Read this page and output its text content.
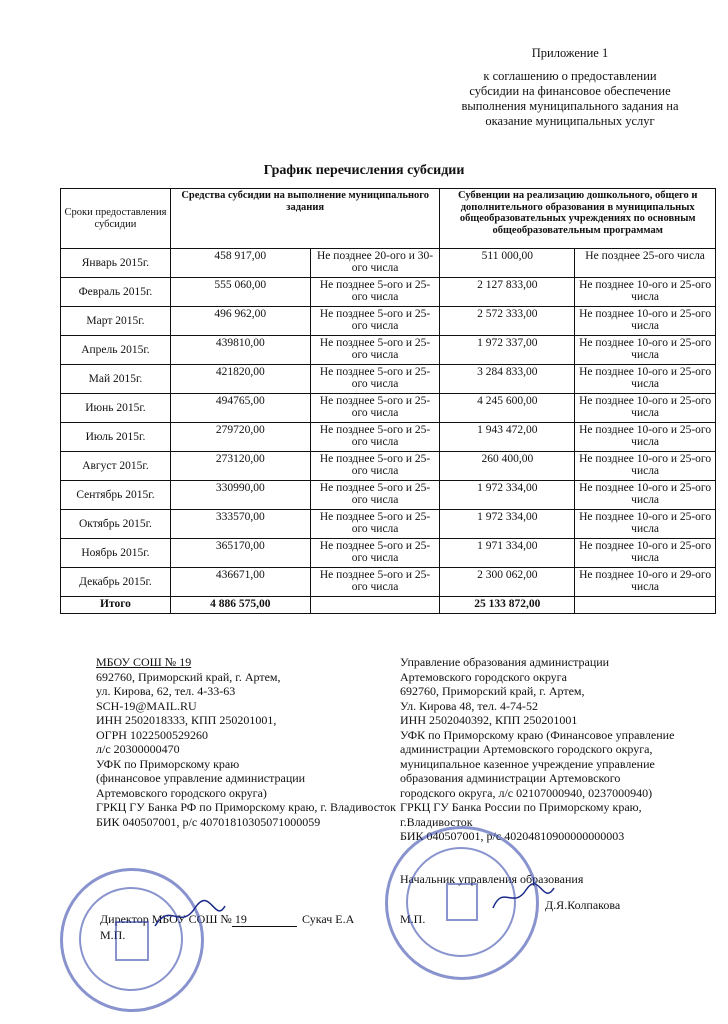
Приложение 1
к соглашению о предоставлении
субсидии на финансовое обеспечение
выполнения муниципального задания на
оказание муниципальных услуг
График перечисления субсидии
Сроки предоставления субсидии	Средства субсидии на выполнение муниципального задания		Субвенции на реализацию дошкольного, общего и дополнительного образования в муниципальных общеобразовательных учреждениях по основным общеобразовательным программам	
Январь 2015г.	458 917,00	Не позднее 20-ого и 30-ого числа	511 000,00	Не позднее 25-ого числа
Февраль 2015г.	555 060,00	Не позднее 5-ого и 25-ого числа	2 127 833,00	Не позднее 10-ого и 25-ого числа
Март 2015г.	496 962,00	Не позднее 5-ого и 25-ого числа	2 572 333,00	Не позднее 10-ого и 25-ого числа
Апрель 2015г.	439810,00	Не позднее 5-ого и 25-ого числа	1 972 337,00	Не позднее 10-ого и 25-ого числа
Май 2015г.	421820,00	Не позднее 5-ого и 25-ого числа	3 284 833,00	Не позднее 10-ого и 25-ого числа
Июнь 2015г.	494765,00	Не позднее 5-ого и 25-ого числа	4 245 600,00	Не позднее 10-ого и 25-ого числа
Июль 2015г.	279720,00	Не позднее 5-ого и 25-ого числа	1 943 472,00	Не позднее 10-ого и 25-ого числа
Август 2015г.	273120,00	Не позднее 5-ого и 25-ого числа	260 400,00	Не позднее 10-ого и 25-ого числа
Сентябрь 2015г.	330990,00	Не позднее 5-ого и 25-ого числа	1 972 334,00	Не позднее 10-ого и 25-ого числа
Октябрь 2015г.	333570,00	Не позднее 5-ого и 25-ого числа	1 972 334,00	Не позднее 10-ого и 25-ого числа
Ноябрь 2015г.	365170,00	Не позднее 5-ого и 25-ого числа	1 971 334,00	Не позднее 10-ого и 25-ого числа
Декабрь 2015г.	436671,00	Не позднее 5-ого и 25-ого числа	2 300 062,00	Не позднее 10-ого и 29-ого числа
Итого	4 886 575,00		25 133 872,00	
МБОУ СОШ № 19
692760, Приморский край, г. Артем,
ул. Кирова, 62, тел. 4-33-63
SCH-19@MAIL.RU
ИНН 2502018333, КПП 250201001,
ОГРН 1022500529260
л/с 20300000470
УФК по Приморскому краю
(финансовое управление администрации
Артемовского городского округа)
ГРКЦ ГУ Банка РФ по Приморскому краю, г. Владивосток
БИК 040507001, р/с 40701810305071000059
Директор МБОУ СОШ № 19	Сукач Е.А
М.П.
Управление образования администрации
Артемовского городского округа
692760, Приморский край, г. Артем,
Ул. Кирова 48, тел. 4-74-52
ИНН 2502040392, КПП 250201001
УФК по Приморскому краю (Финансовое управление
администрации Артемовского городского округа,
муниципальное казенное учреждение управление
образования администрации Артемовского
городского округа, л/с 02107000940, 0237000940)
ГРКЦ ГУ Банка России по Приморскому краю,
г.Владивосток
БИК 040507001, р/с 40204810900000000003
Начальник управления образования
Д.Я.Колпакова
М.П.
